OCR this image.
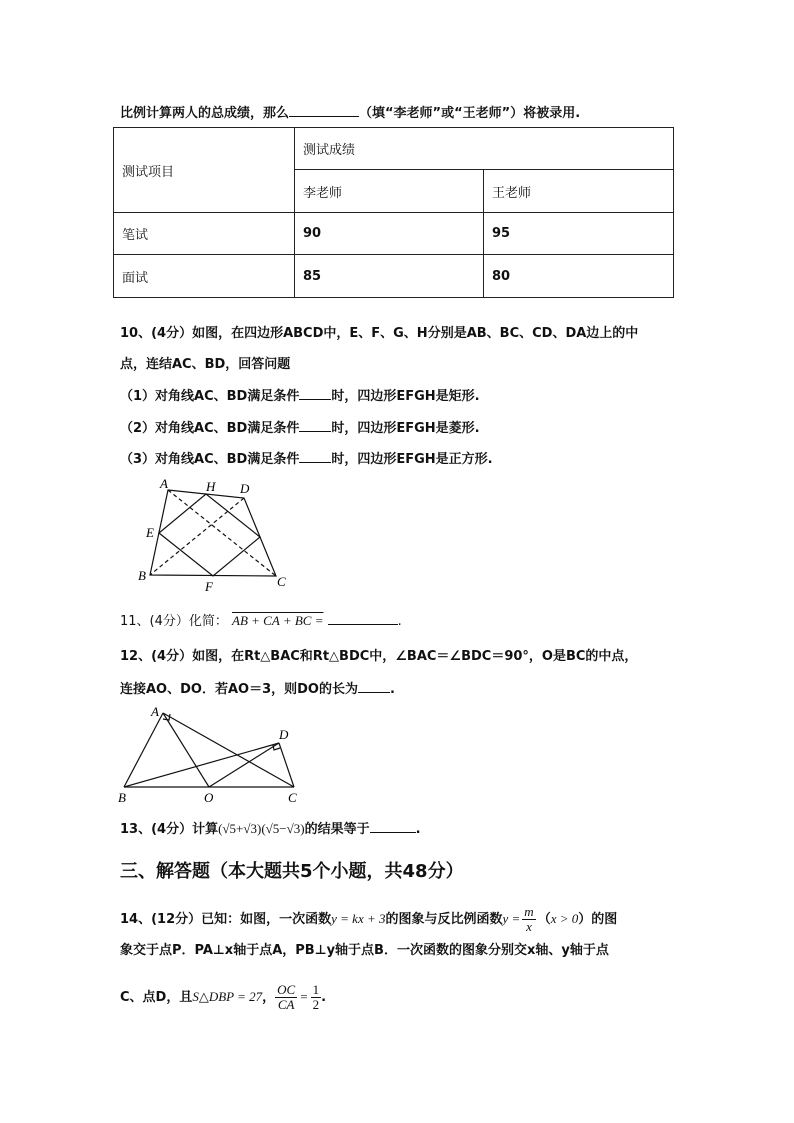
比例计算两人的总成绩，那么	（填“李老师”或“王老师”）将被录用.
测试项目	测试成绩	
	李老师	王老师
笔试	90	95
面试	85	80
10、(4分）如图，在四边形ABCD中，E、F、G、H分别是AB、BC、CD、DA边上的中
点，连结AC、BD，回答问题
（1）对角线AC、BD满足条件 时，四边形EFGH是矩形.
（2）对角线AC、BD满足条件 时，四边形EFGH是菱形.
（3）对角线AC、BD满足条件 时，四边形EFGH是正方形.
A	H D
E
B
F	C
11、(4分）化简： AB + CA + BC =	.
12、(4分）如图，在Rt△BAC和Rt△BDC中，∠BAC＝∠BDC＝90°，O是BC的中点，
连接AO、DO．若AO＝3，则DO的长为 .
A
D
B	O	C
13、(4分）计算(√5+√3)(√5−√3)的结果等于	.
三、解答题（本大题共5个小题，共48分）
14、(12分）已知：如图，一次函数y = kx + 3的图象与反比例函数$y = \frac{m}{x} (x > 0)$的图
象交于点P．PA⊥x轴于点A，PB⊥y轴于点B．一次函数的图象分别交x轴、y轴于点
C、点D，且S△DBP = 27， $\frac{OC}{CA} = \frac{1}{2}$ .
